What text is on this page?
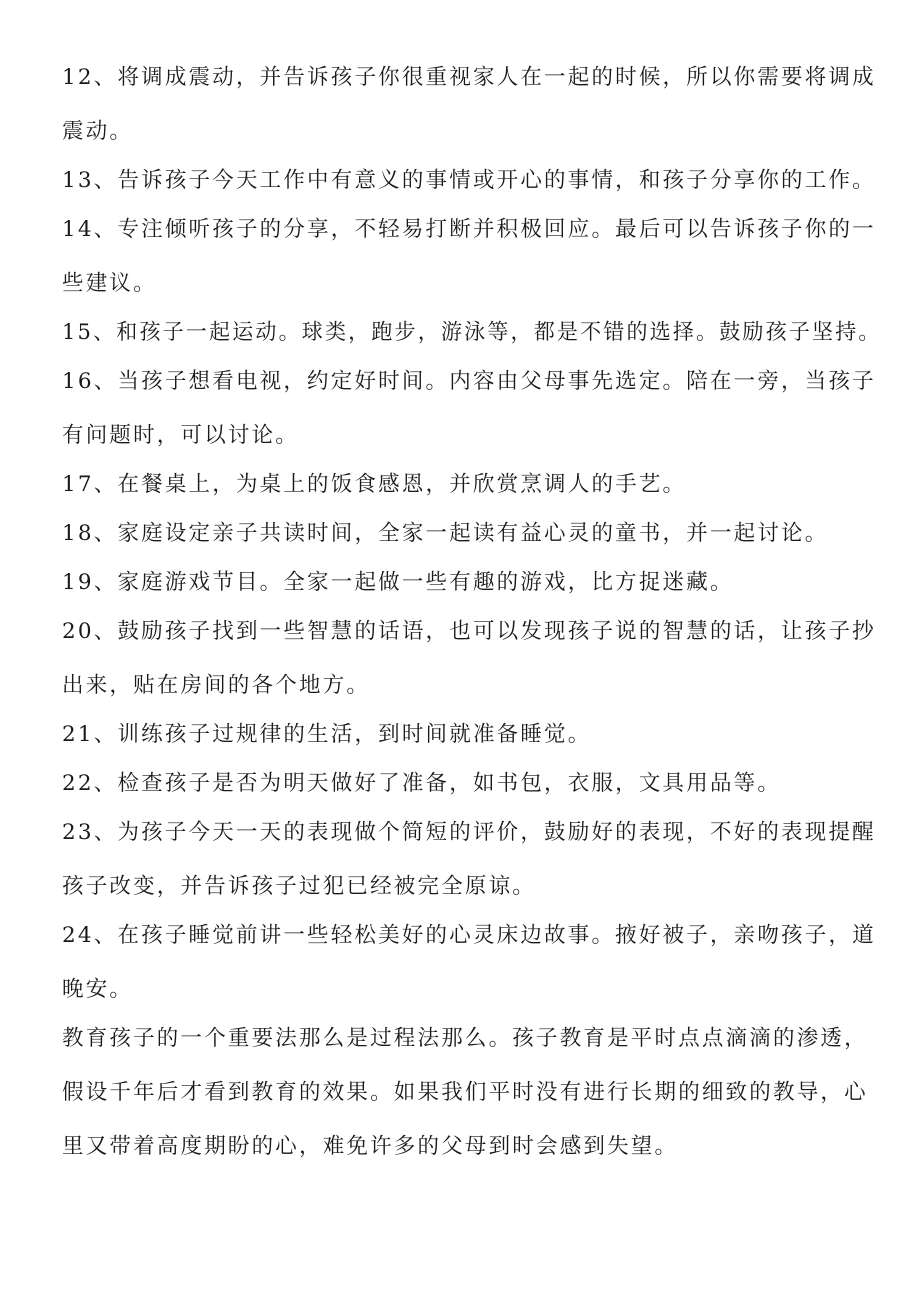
12、将调成震动，并告诉孩子你很重视家人在一起的时候，所以你需要将调成
震动。
13、告诉孩子今天工作中有意义的事情或开心的事情，和孩子分享你的工作。
14、专注倾听孩子的分享，不轻易打断并积极回应。最后可以告诉孩子你的一
些建议。
15、和孩子一起运动。球类，跑步，游泳等，都是不错的选择。鼓励孩子坚持。
16、当孩子想看电视，约定好时间。内容由父母事先选定。陪在一旁，当孩子
有问题时，可以讨论。
17、在餐桌上，为桌上的饭食感恩，并欣赏烹调人的手艺。
18、家庭设定亲子共读时间，全家一起读有益心灵的童书，并一起讨论。
19、家庭游戏节目。全家一起做一些有趣的游戏，比方捉迷藏。
20、鼓励孩子找到一些智慧的话语，也可以发现孩子说的智慧的话，让孩子抄
出来，贴在房间的各个地方。
21、训练孩子过规律的生活，到时间就准备睡觉。
22、检查孩子是否为明天做好了准备，如书包，衣服，文具用品等。
23、为孩子今天一天的表现做个简短的评价，鼓励好的表现，不好的表现提醒
孩子改变，并告诉孩子过犯已经被完全原谅。
24、在孩子睡觉前讲一些轻松美好的心灵床边故事。掖好被子，亲吻孩子，道
晚安。
教育孩子的一个重要法那么是过程法那么。孩子教育是平时点点滴滴的渗透，
假设千年后才看到教育的效果。如果我们平时没有进行长期的细致的教导，心
里又带着高度期盼的心，难免许多的父母到时会感到失望。
